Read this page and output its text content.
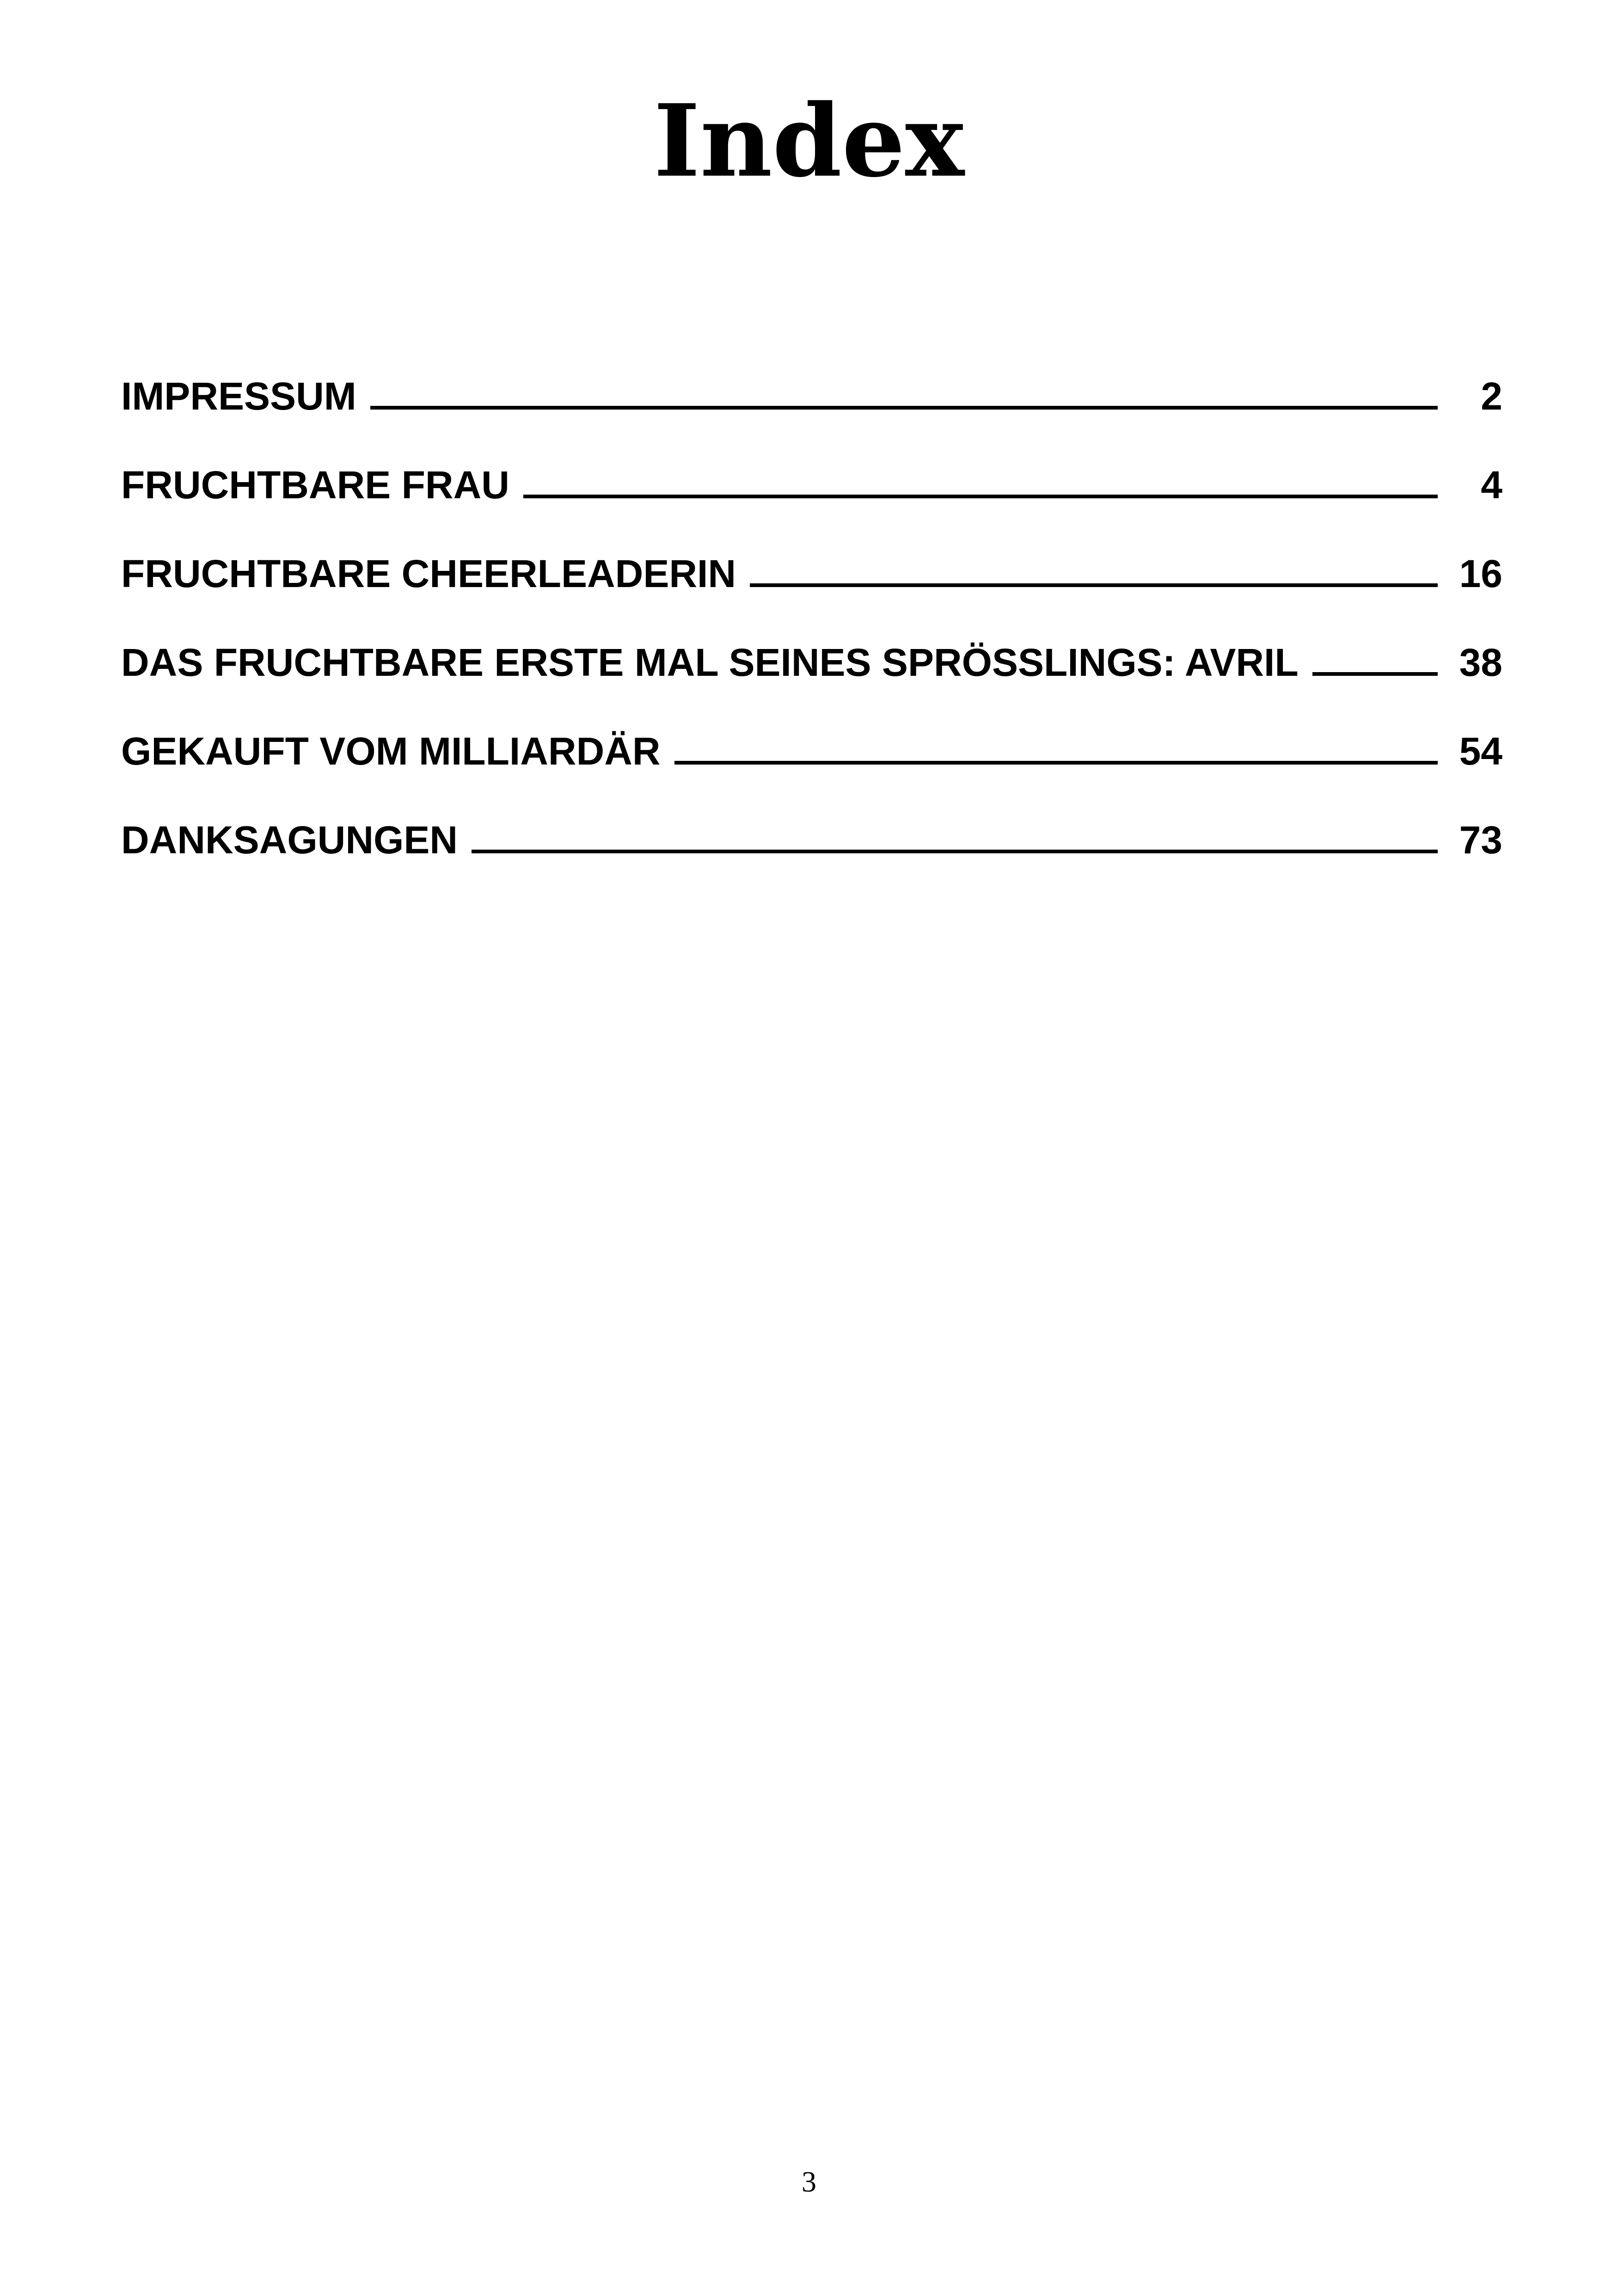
Index
IMPRESSUM	2
FRUCHTBARE FRAU	4
FRUCHTBARE CHEERLEADERIN	16
DAS FRUCHTBARE ERSTE MAL SEINES SPRÖSSLINGS: AVRIL	38
GEKAUFT VOM MILLIARDÄR	54
DANKSAGUNGEN	73
3
